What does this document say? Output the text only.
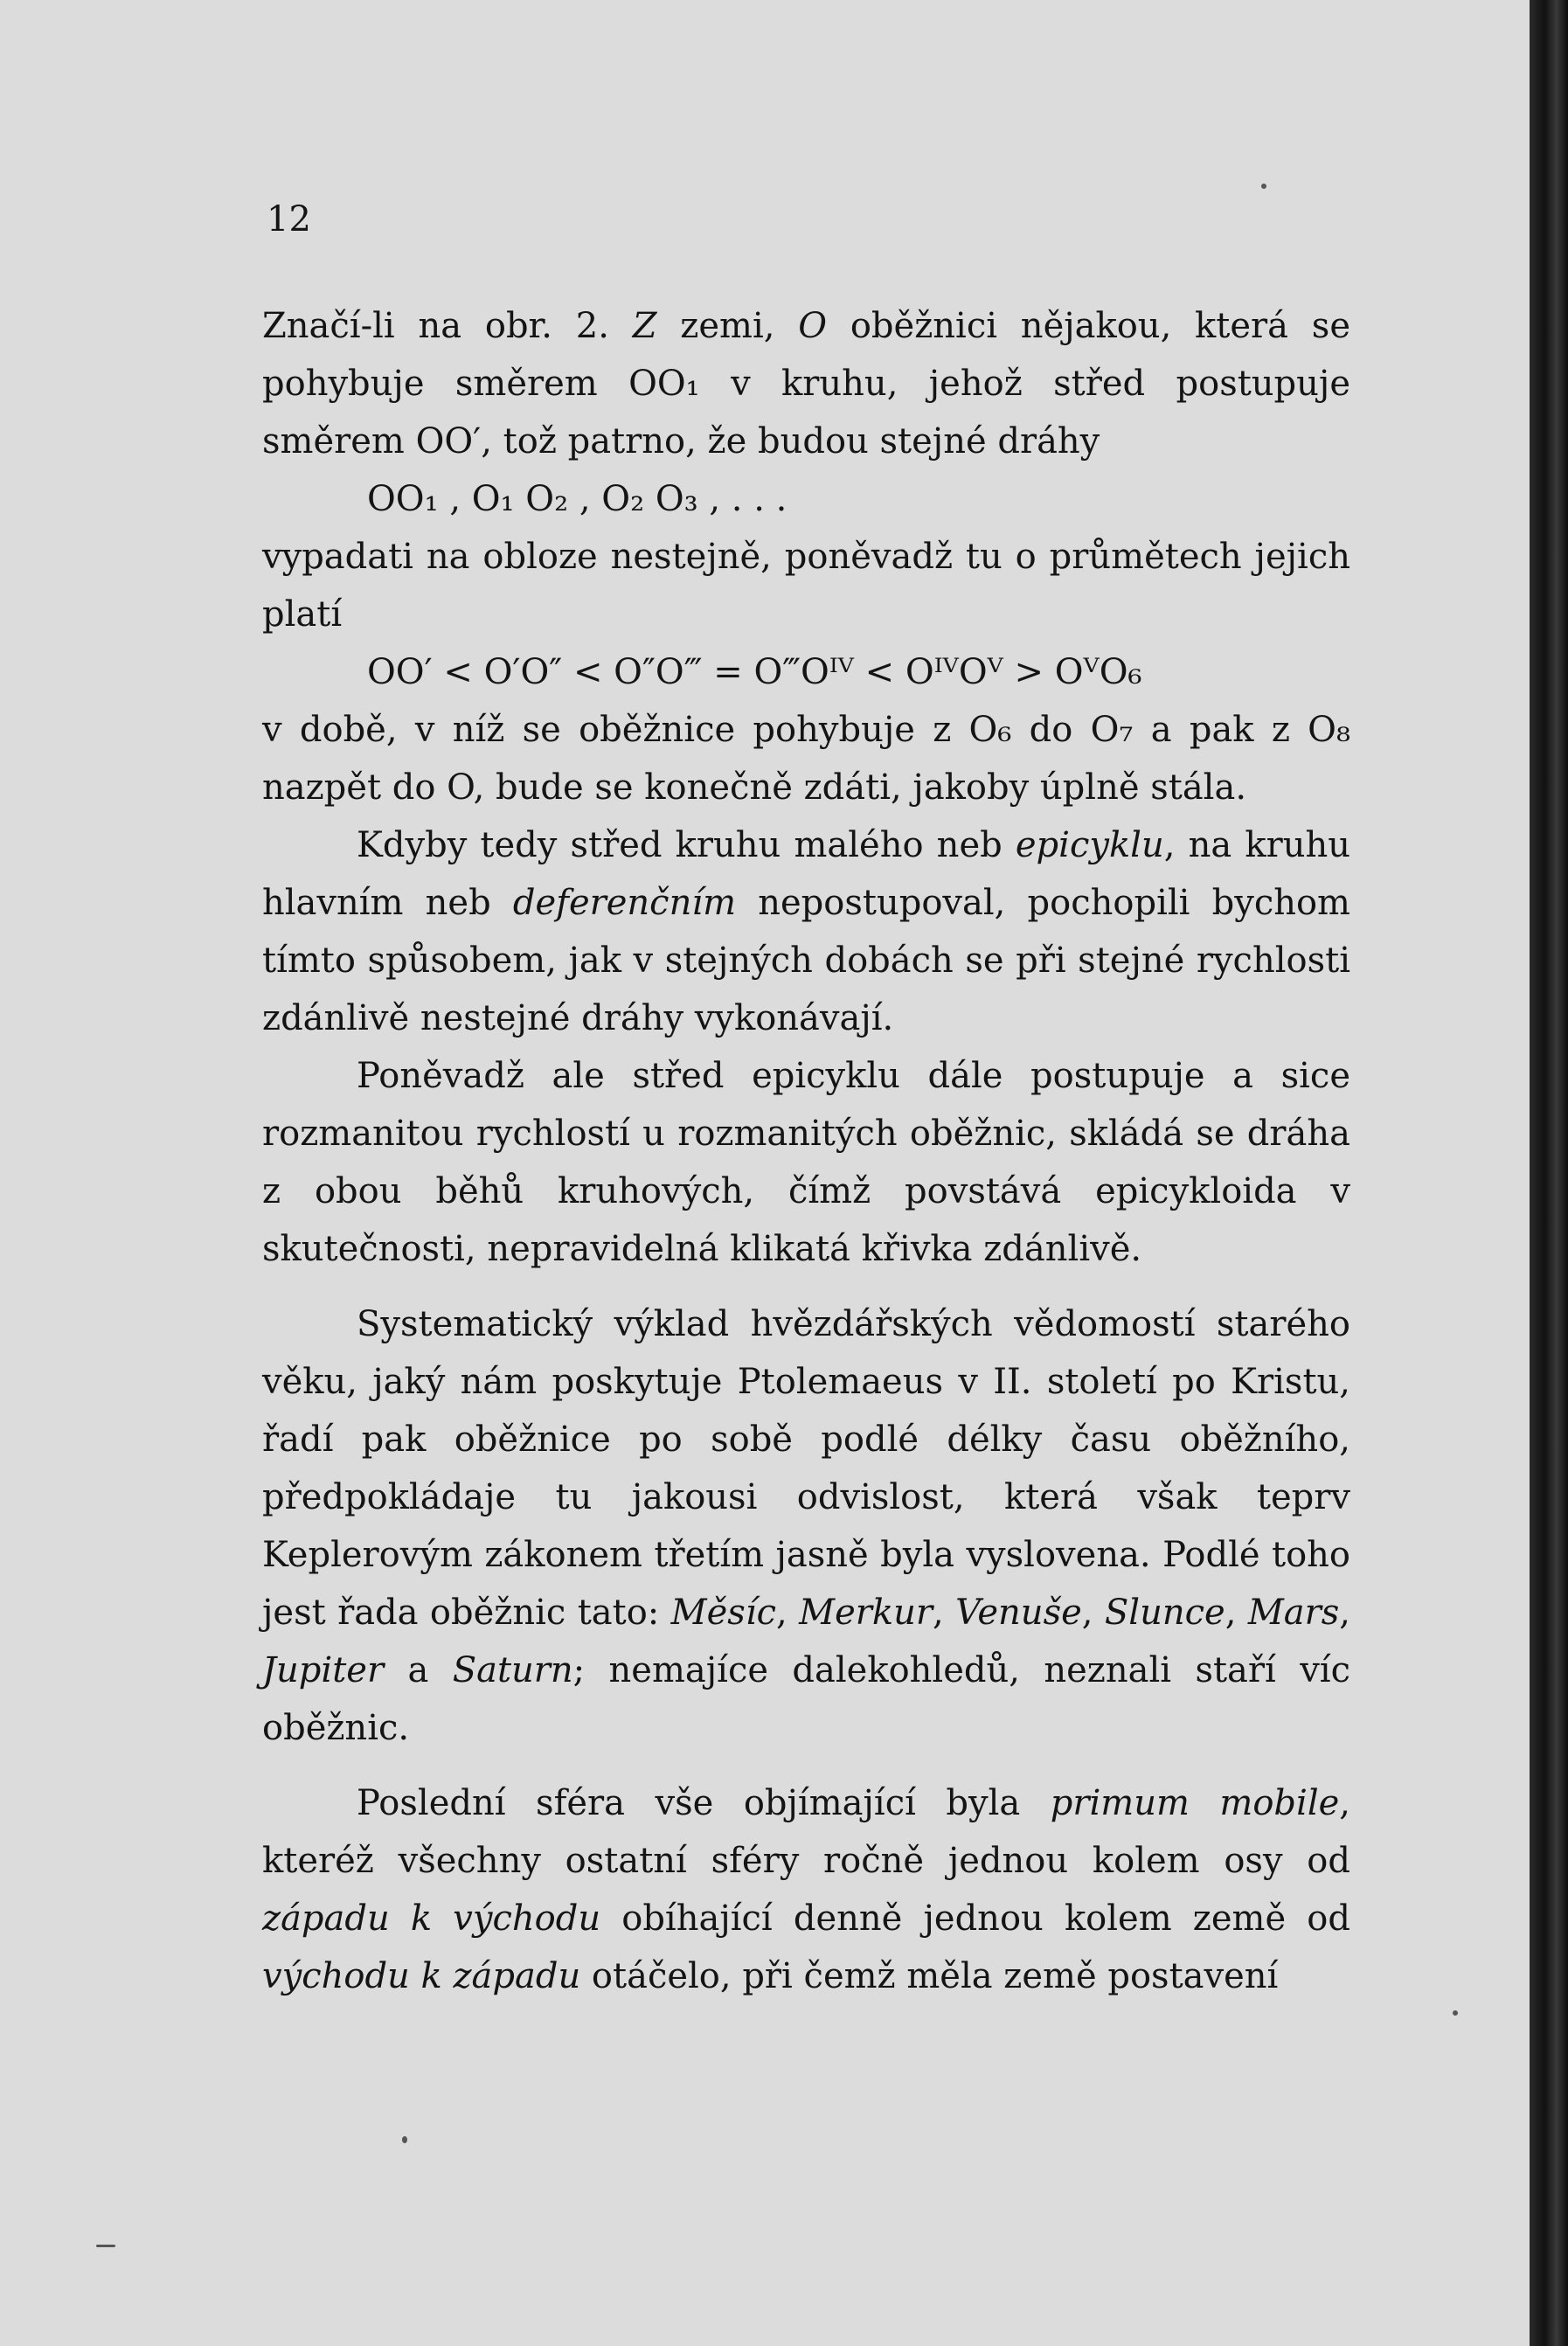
12

Značí-li na obr. 2. Z zemi, O oběžnici nějakou, která se pohybuje směrem OO₁ v kruhu, jehož střed postupuje směrem OO′, tož patrno, že budou stejné dráhy

OO₁ , O₁ O₂ , O₂ O₃ , . . .

vypadati na obloze nestejně, poněvadž tu o průmětech jejich platí

OO′ < O′O″ < O″O‴ = O‴Oᴵⱽ < OᴵⱽOⱽ > OⱽO₆

v době, v níž se oběžnice pohybuje z O₆ do O₇ a pak z O₈ nazpět do O, bude se konečně zdáti, jakoby úplně stála.

Kdyby tedy střed kruhu malého neb epicyklu, na kruhu hlavním neb deferenčním nepostupoval, pochopili bychom tímto spůsobem, jak v stejných dobách se při stejné rychlosti zdánlivě nestejné dráhy vykonávají.

Poněvadž ale střed epicyklu dále postupuje a sice rozmanitou rychlostí u rozmanitých oběžnic, skládá se dráha z obou běhů kruhových, čímž povstává epicykloida v skutečnosti, nepravidelná klikatá křivka zdánlivě.

Systematický výklad hvězdářských vědomostí starého věku, jaký nám poskytuje Ptolemaeus v II. století po Kristu, řadí pak oběžnice po sobě podlé délky času oběžního, předpokládaje tu jakousi odvislost, která však teprv Keplerovým zákonem třetím jasně byla vyslovena. Podlé toho jest řada oběžnic tato: Měsíc, Merkur, Venuše, Slunce, Mars, Jupiter a Saturn; nemajíce dalekohledů, neznali staří víc oběžnic.

Poslední sféra vše objímající byla primum mobile, kteréž všechny ostatní sféry ročně jednou kolem osy od západu k východu obíhající denně jednou kolem země od východu k západu otáčelo, při čemž měla země postavení
